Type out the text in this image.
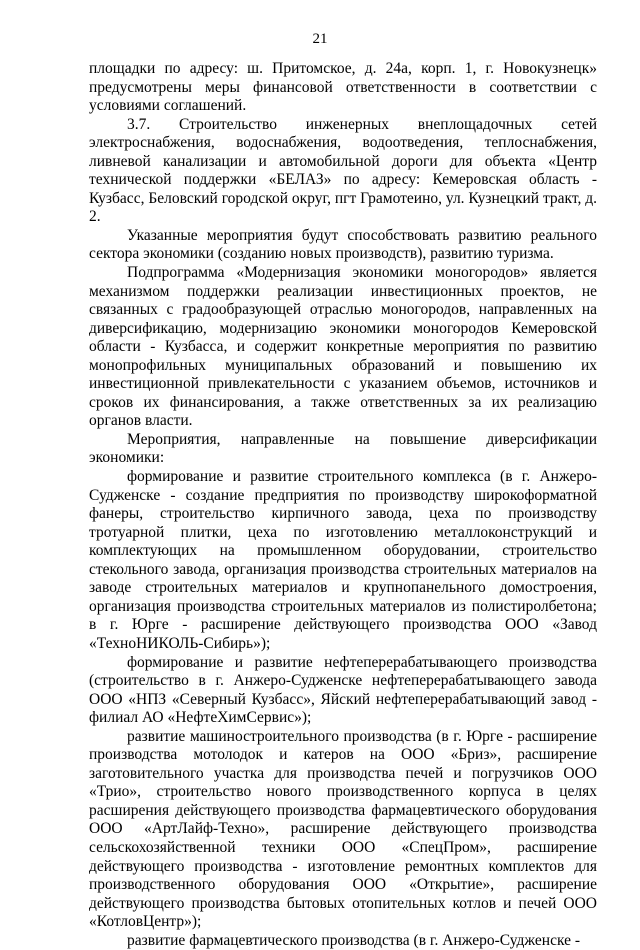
21

площадки по адресу: ш. Притомское, д. 24а, корп. 1, г. Новокузнецк» предусмотрены меры финансовой ответственности в соответствии с условиями соглашений.

3.7. Строительство инженерных внеплощадочных сетей электроснабжения, водоснабжения, водоотведения, теплоснабжения, ливневой канализации и автомобильной дороги для объекта «Центр технической поддержки «БЕЛАЗ» по адресу: Кемеровская область - Кузбасс, Беловский городской округ, пгт Грамотеино, ул. Кузнецкий тракт, д. 2.

Указанные мероприятия будут способствовать развитию реального сектора экономики (созданию новых производств), развитию туризма.

Подпрограмма «Модернизация экономики моногородов» является механизмом поддержки реализации инвестиционных проектов, не связанных с градообразующей отраслью моногородов, направленных на диверсификацию, модернизацию экономики моногородов Кемеровской области - Кузбасса, и содержит конкретные мероприятия по развитию монопрофильных муниципальных образований и повышению их инвестиционной привлекательности с указанием объемов, источников и сроков их финансирования, а также ответственных за их реализацию органов власти.

Мероприятия, направленные на повышение диверсификации экономики:

формирование и развитие строительного комплекса (в г. Анжеро-Судженске - создание предприятия по производству широкоформатной фанеры, строительство кирпичного завода, цеха по производству тротуарной плитки, цеха по изготовлению металлоконструкций и комплектующих на промышленном оборудовании, строительство стекольного завода, организация производства строительных материалов на заводе строительных материалов и крупнопанельного домостроения, организация производства строительных материалов из полистиролбетона; в г. Юрге - расширение действующего производства ООО «Завод «ТехноНИКОЛЬ-Сибирь»);

формирование и развитие нефтеперерабатывающего производства (строительство в г. Анжеро-Судженске нефтеперерабатывающего завода ООО «НПЗ «Северный Кузбасс», Яйский нефтеперерабатывающий завод - филиал АО «НефтеХимСервис»);

развитие машиностроительного производства (в г. Юрге - расширение производства мотолодок и катеров на ООО «Бриз», расширение заготовительного участка для производства печей и погрузчиков ООО «Трио», строительство нового производственного корпуса в целях расширения действующего производства фармацевтического оборудования ООО «АртЛайф-Техно», расширение действующего производства сельскохозяйственной техники ООО «СпецПром», расширение действующего производства - изготовление ремонтных комплектов для производственного оборудования ООО «Открытие», расширение действующего производства бытовых отопительных котлов и печей ООО «КотловЦентр»);

развитие фармацевтического производства (в г. Анжеро-Судженске -
